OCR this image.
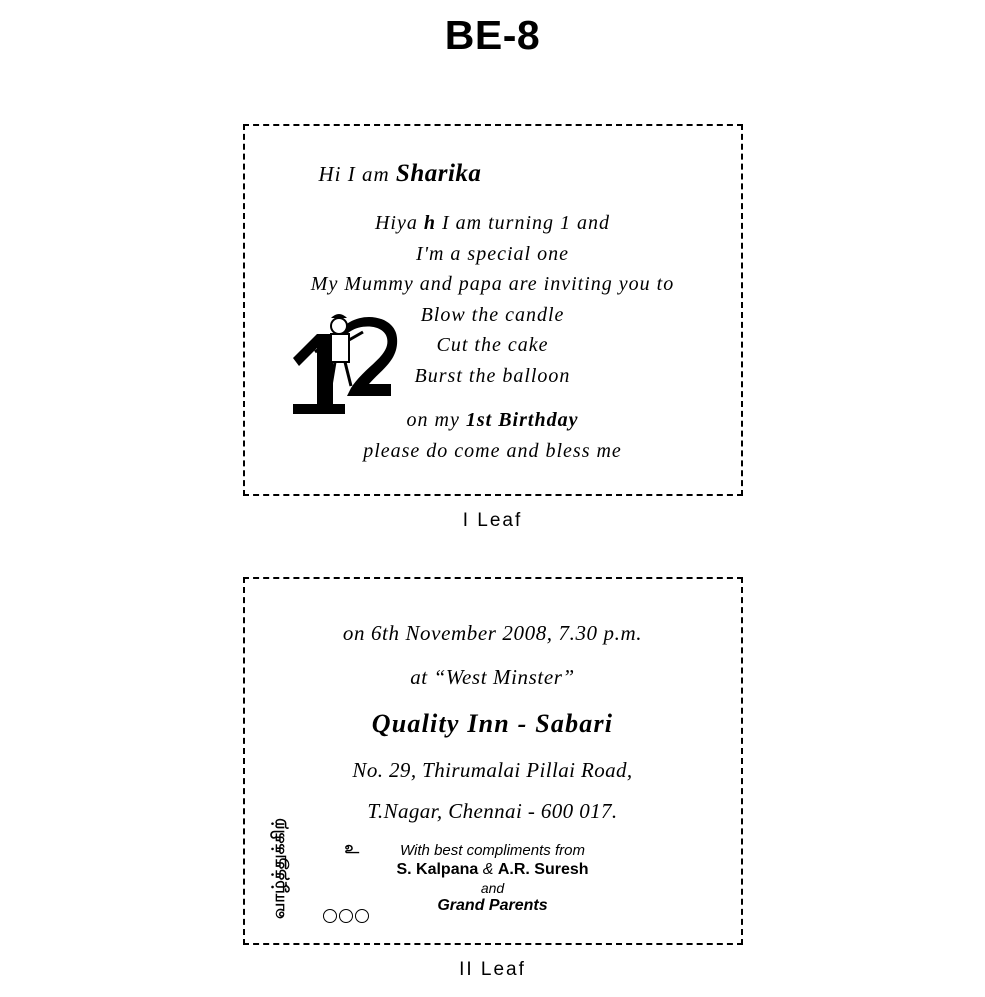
BE-8
Hi I am Sharika
Hiya h I am turning 1 and
I'm a special one
My Mummy and papa are inviting you to
Blow the candle
Cut the cake
Burst the balloon
on my 1st Birthday
please do come and bless me
I Leaf
on 6th November 2008, 7.30 p.m.
at “West Minster”
Quality Inn - Sabari
No. 29, Thirumalai Pillai Road,
T.Nagar, Chennai - 600 017.
உ
வாழ்த்துக்கிற்	With best compliments from
S. Kalpana & A.R. Suresh
and
Grand Parents
II Leaf
